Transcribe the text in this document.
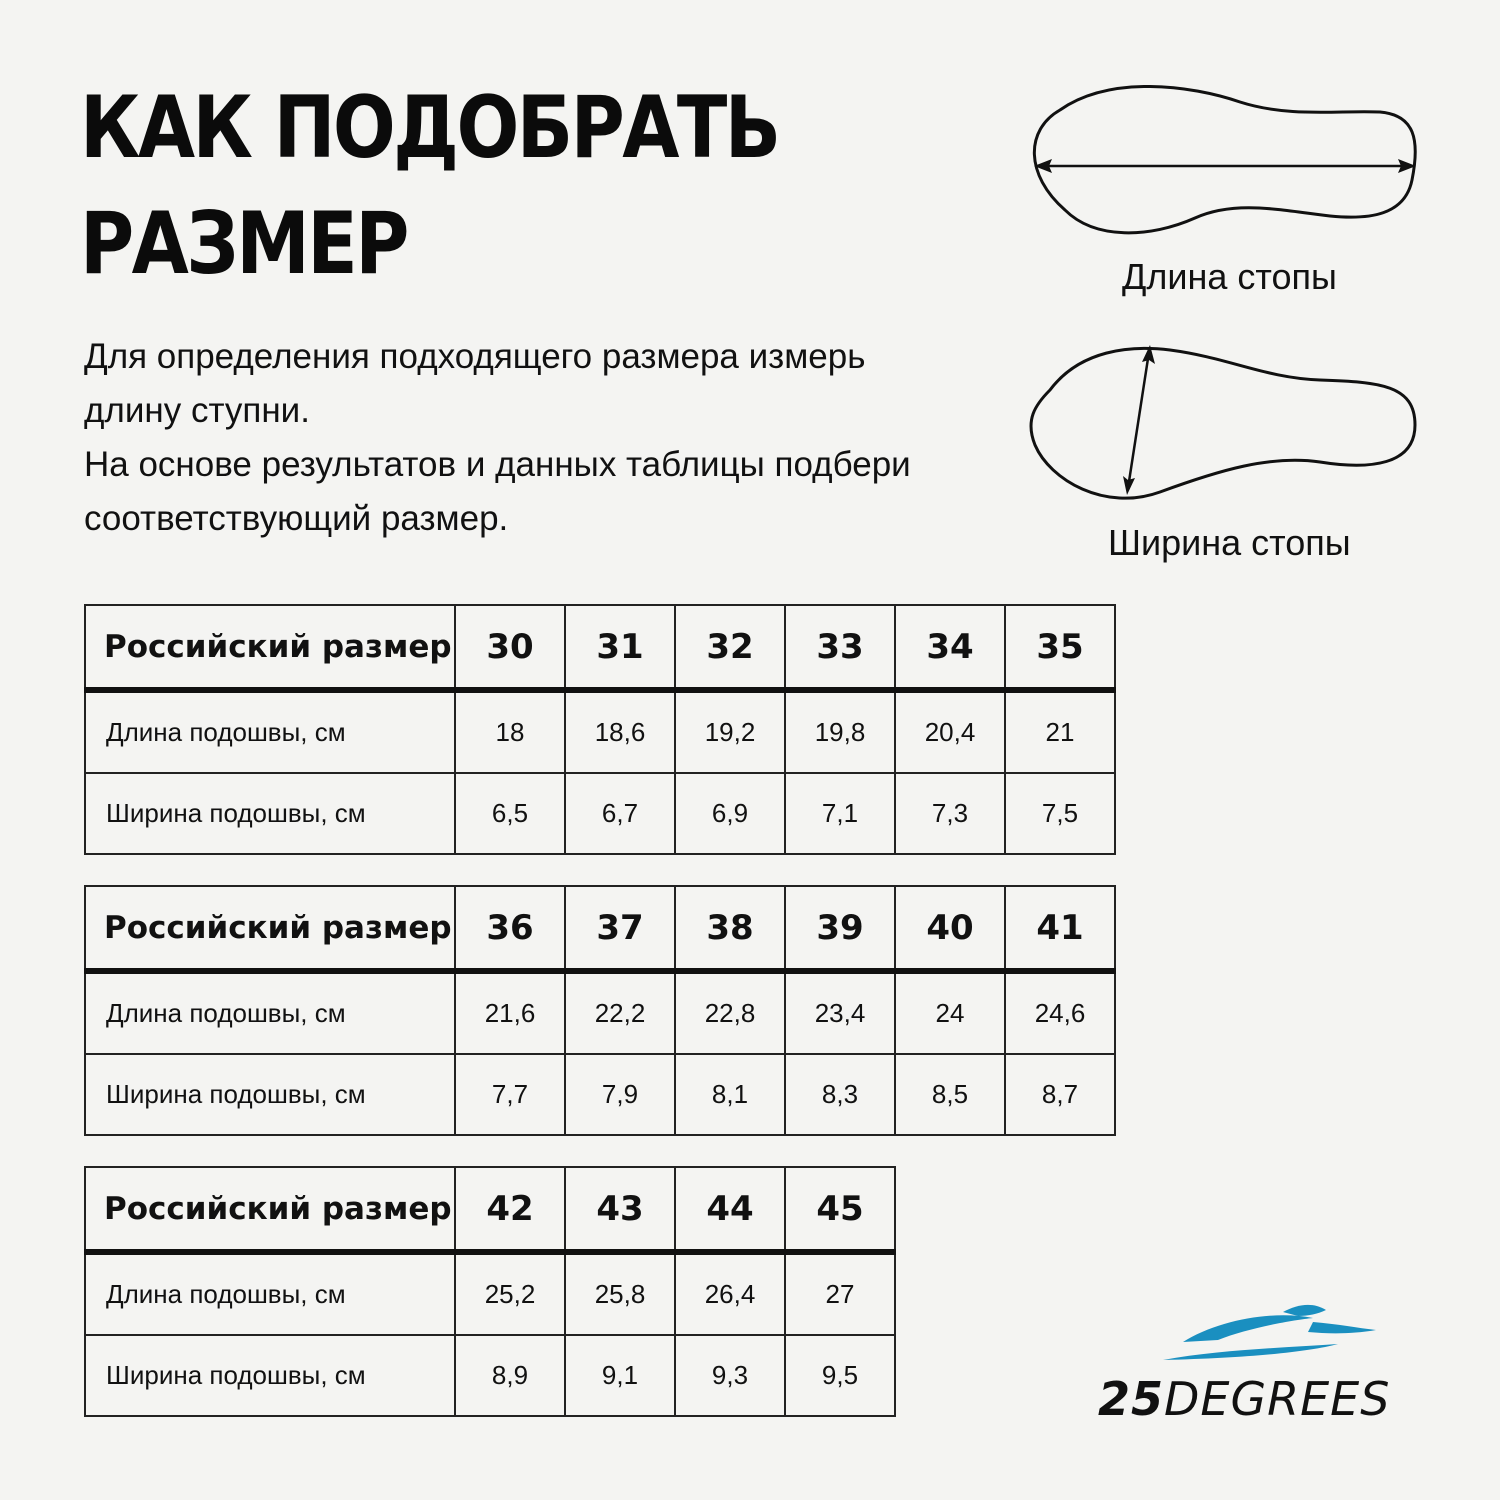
КАК ПОДОБРАТЬ
РАЗМЕР

Для определения подходящего размера измерь
длину ступни.
На основе результатов и данных таблицы подбери
соответствующий размер.

Длина стопы
Ширина стопы
Российский размер	30	31	32	33	34	35
Длина подошвы, см	18	18,6	19,2	19,8	20,4	21
Ширина подошвы, см	6,5	6,7	6,9	7,1	7,3	7,5
Российский размер	36	37	38	39	40	41
Длина подошвы, см	21,6	22,2	22,8	23,4	24	24,6
Ширина подошвы, см	7,7	7,9	8,1	8,3	8,5	8,7
Российский размер	42	43	44	45
Длина подошвы, см	25,2	25,8	26,4	27
Ширина подошвы, см	8,9	9,1	9,3	9,5	25DEGREES
